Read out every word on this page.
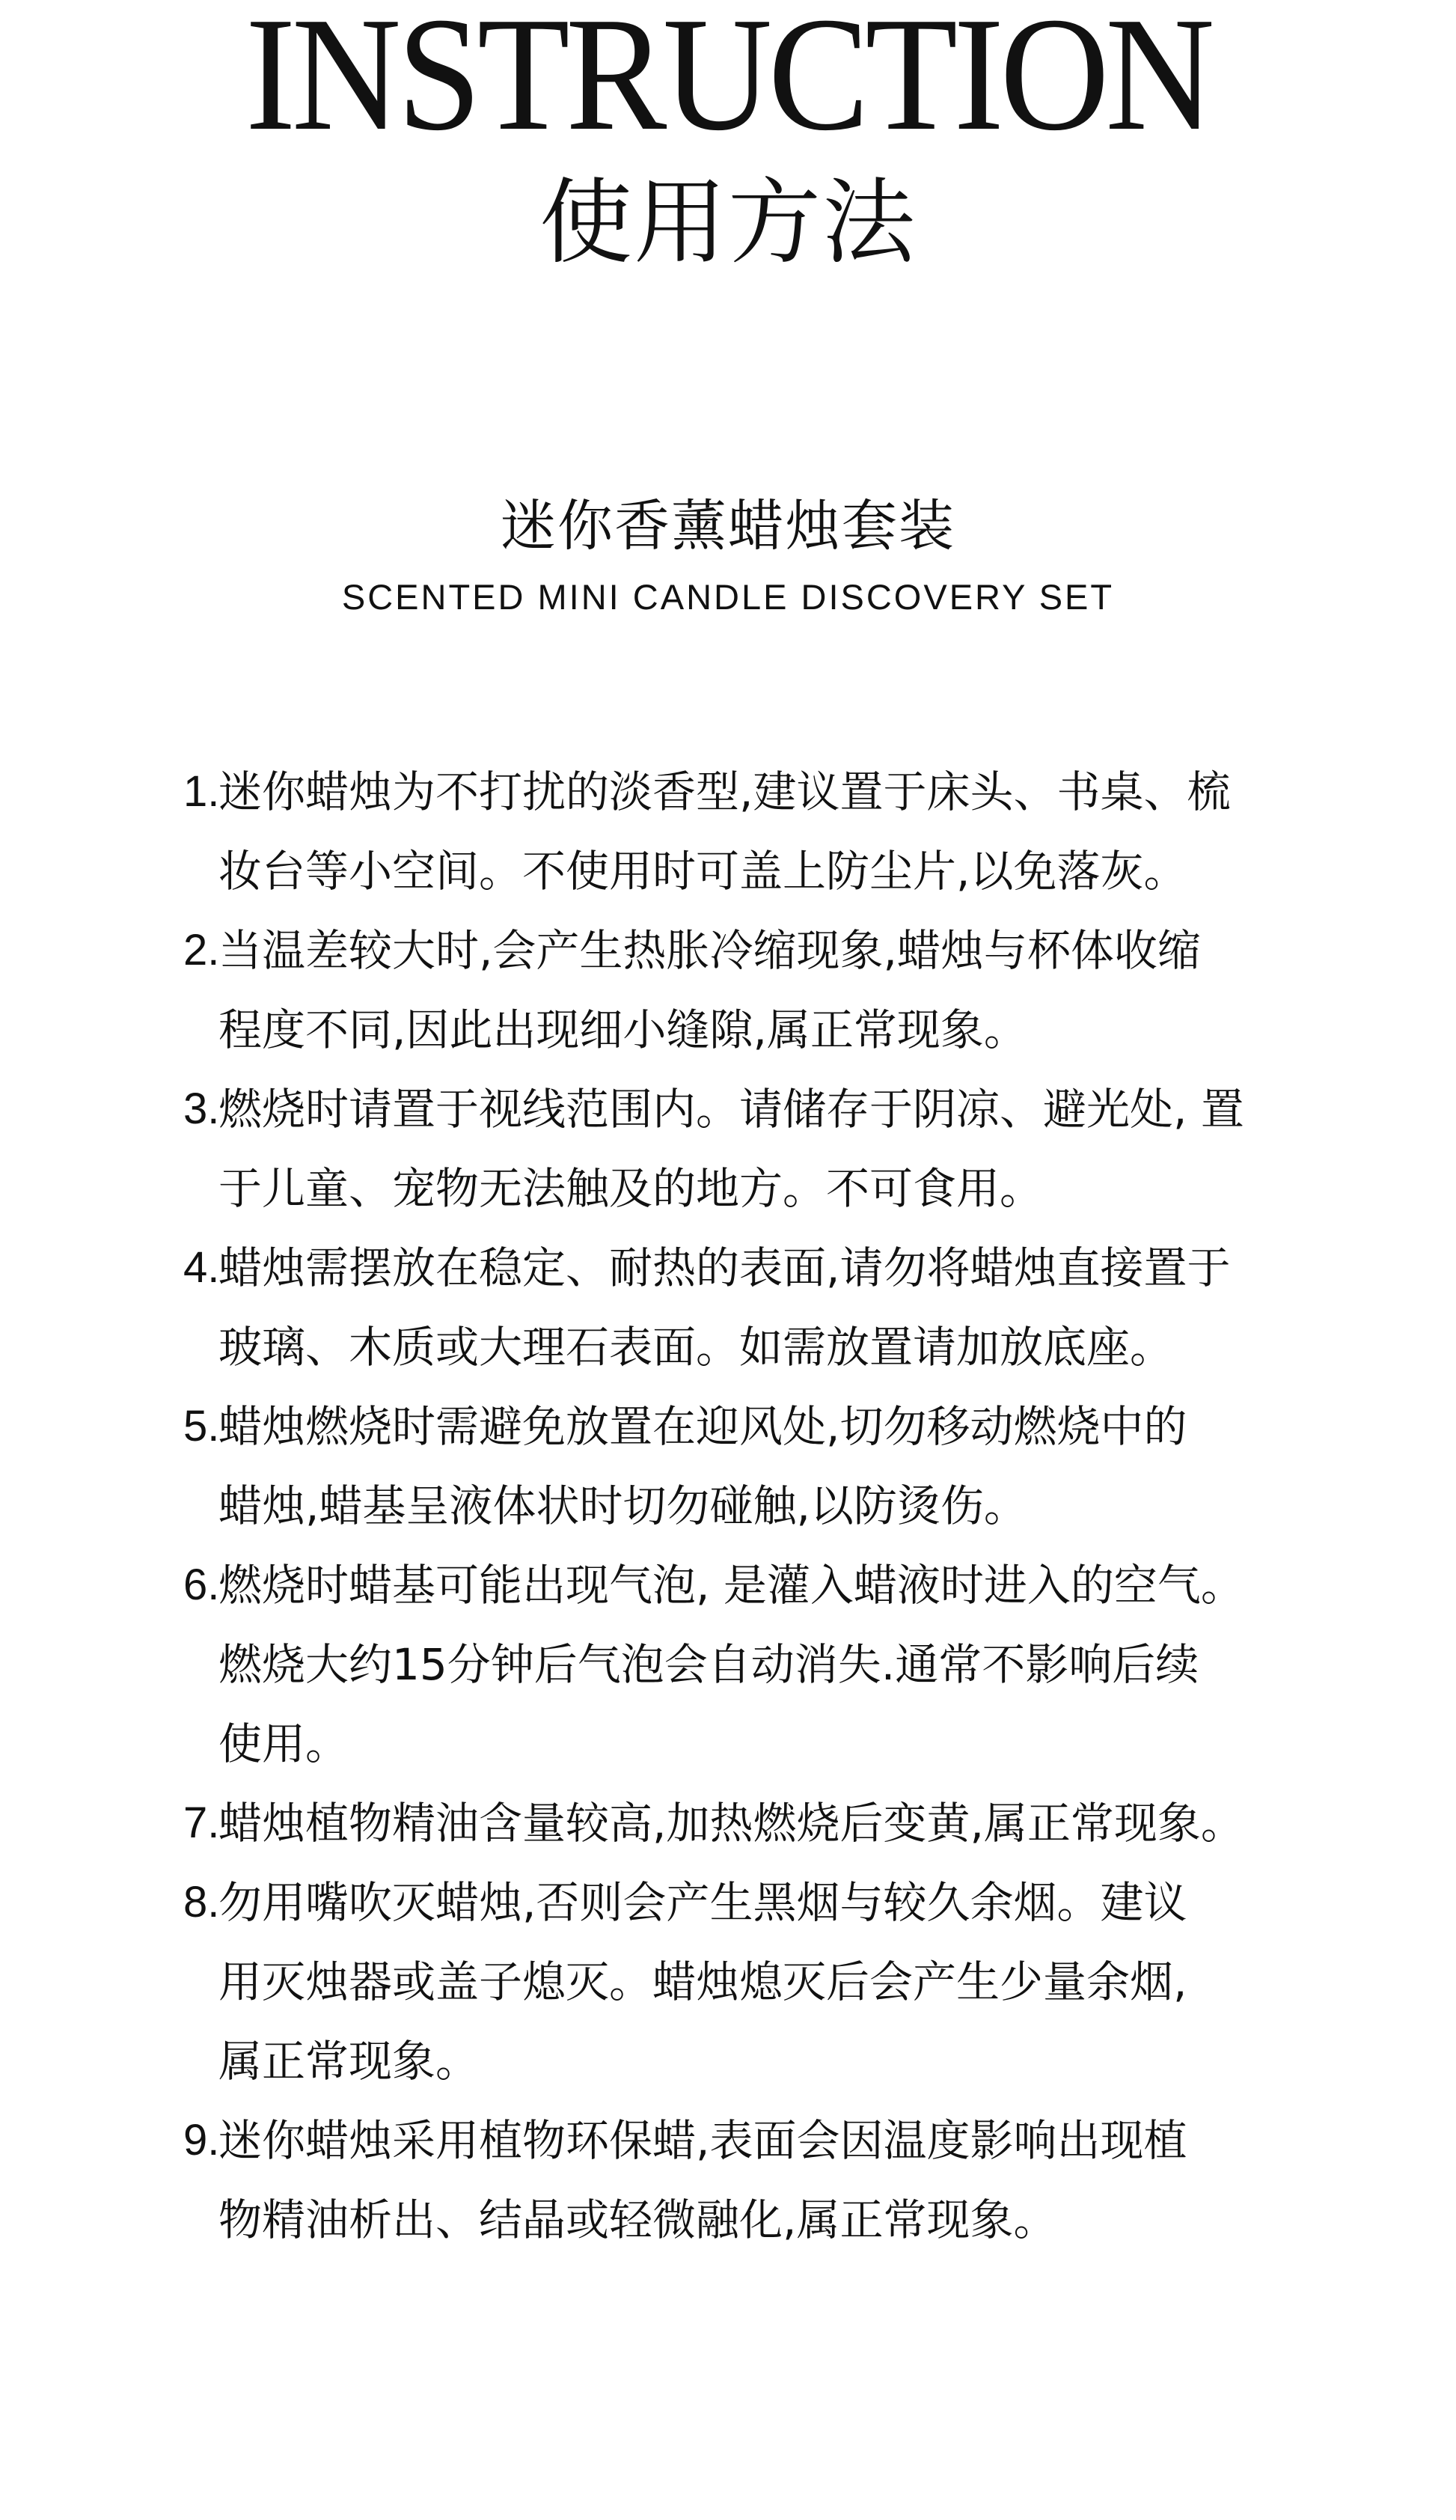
INSTRUCTION
使用方法
迷你香薰蜡烛套装
SCENTED MINI CANDLE DISCOVERY SET
1.
迷你蜡烛为不打扰的淡香型,建议置于床头、书桌、梳
妆台等小空间。不使用时可盖上防尘片,以免落灰。
2.
当温差较大时,会产生热胀冷缩现象,蜡烛与杯体收缩
程度不同,因此出现细小缝隙,属正常现象。
3.
燃烧时请置于视线范围内。请储存于阴凉、避光处, 置
于儿童、宠物无法触及的地方。不可食用。
4.
蜡烛需摆放在稳定、耐热的表面,请勿将蜡烛直接置于
玻璃、木质或大理石表面。如需放置请加放底座。
5.
蜡烛燃烧时需避免放置在迎风处,切勿移动燃烧中的
蜡烛,蜡基呈液体状时切勿碰触,以防烫伤。
6.
燃烧时蜡基可能出现气泡, 是灌入蜡液时进入的空气。
燃烧大约15分钟后气泡会自动消失.通常不影响后续
使用。
7.
蜡烛植物精油含量较高,加热燃烧后变黄,属正常现象。
8.
勿用嘴吹灭蜡烛,否则会产生黑烟与较久余烟。建议
用灭烛器或盖子熄灭。蜡烛熄灭后会产生少量余烟,
属正常现象。
9.
迷你蜡烛采用植物环保蜡,表面会因温度影响出现植
物精油析出、结晶或轻微融化,属正常现象。
